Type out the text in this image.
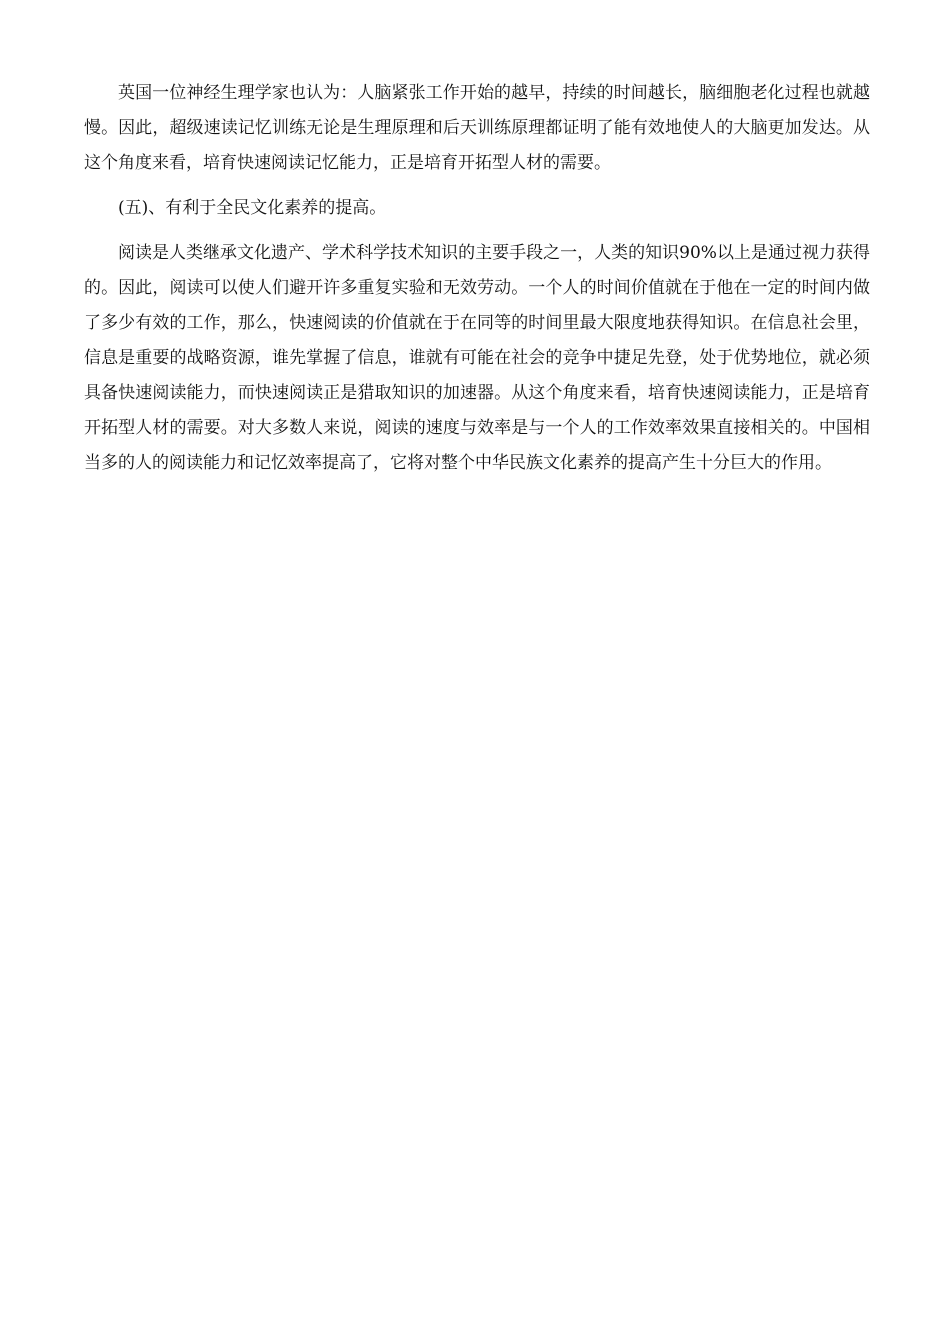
英国一位神经生理学家也认为：人脑紧张工作开始的越早，持续的时间越长，脑细胞老化过程也就越慢。因此，超级速读记忆训练无论是生理原理和后天训练原理都证明了能有效地使人的大脑更加发达。从这个角度来看，培育快速阅读记忆能力，正是培育开拓型人材的需要。

(五)、有利于全民文化素养的提高。

阅读是人类继承文化遗产、学术科学技术知识的主要手段之一，人类的知识90%以上是通过视力获得的。因此，阅读可以使人们避开许多重复实验和无效劳动。一个人的时间价值就在于他在一定的时间内做了多少有效的工作，那么，快速阅读的价值就在于在同等的时间里最大限度地获得知识。在信息社会里，信息是重要的战略资源，谁先掌握了信息，谁就有可能在社会的竞争中捷足先登，处于优势地位，就必须具备快速阅读能力，而快速阅读正是猎取知识的加速器。从这个角度来看，培育快速阅读能力，正是培育开拓型人材的需要。对大多数人来说，阅读的速度与效率是与一个人的工作效率效果直接相关的。中国相当多的人的阅读能力和记忆效率提高了，它将对整个中华民族文化素养的提高产生十分巨大的作用。
